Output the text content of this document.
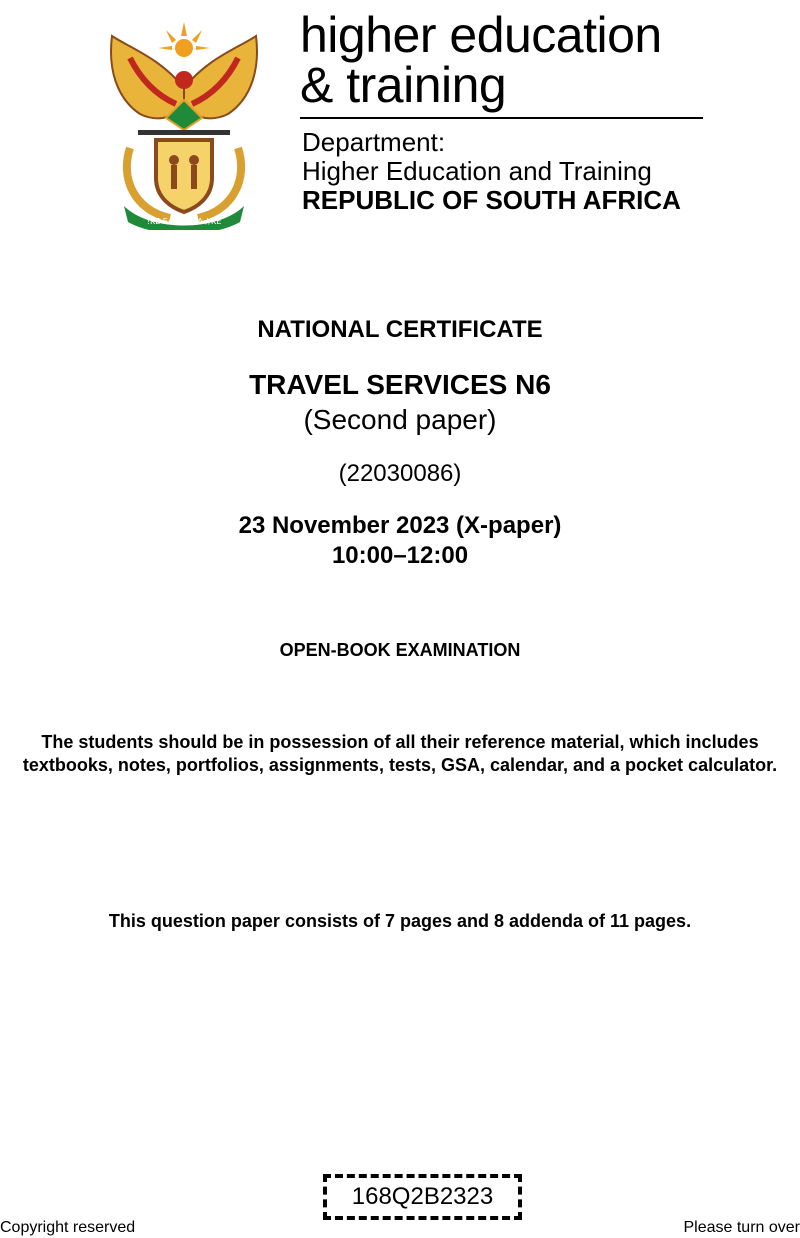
!KE E: /XARRA //KE
higher education
& training
Department:
Higher Education and Training
REPUBLIC OF SOUTH AFRICA
NATIONAL CERTIFICATE
TRAVEL SERVICES N6
(Second paper)
(22030086)
23 November 2023 (X-paper)
10:00–12:00
OPEN-BOOK EXAMINATION
The students should be in possession of all their reference material, which includes textbooks, notes, portfolios, assignments, tests, GSA, calendar, and a pocket calculator.
This question paper consists of 7 pages and 8 addenda of 11 pages.
168Q2B2323
Copyright reserved	Please turn over
